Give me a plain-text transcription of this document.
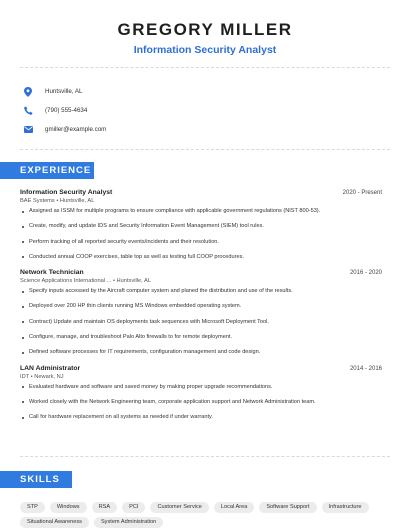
GREGORY MILLER
Information Security Analyst
Huntsville, AL
(790) 555-4634
gmiller@example.com
EXPERIENCE
Information Security Analyst	2020 - Present
BAE Systems • Huntsville, AL
Assigned as ISSM for multiple programs to ensure compliance with applicable government regulations (NIST 800-53).
Create, modify, and update IDS and Security Information Event Management (SIEM) tool rules.
Perform tracking of all reported security events/incidents and their resolution.
Conducted annual COOP exercises, table top as well as testing full COOP procedures.
Network Technician	2016 - 2020
Science Applications International ... • Huntsville, AL
Specify inputs accessed by the Aircraft computer system and planed the distribution and use of the results.
Deployed over 200 HP thin clients running MS Windows embedded operating system.
Contract) Update and maintain OS deployments task sequences with Microsoft Deployment Tool.
Configure, manage, and troubleshoot Palo Alto firewalls to for remote deployment.
Defined software processes for IT requirements, configuration management and code design.
LAN Administrator	2014 - 2016
IDT • Newark, NJ
Evaluated hardware and software and saved money by making proper upgrade recommendations.
Worked closely with the Network Engineering team, corporate application support and Network Administration team.
Call for hardware replacement on all systems as needed if under warranty.
SKILLS
STP	Windows	RSA	PCI	Customer Service	Local Area	Software Support	Infrastructure
Situational Awareness	System Administration
